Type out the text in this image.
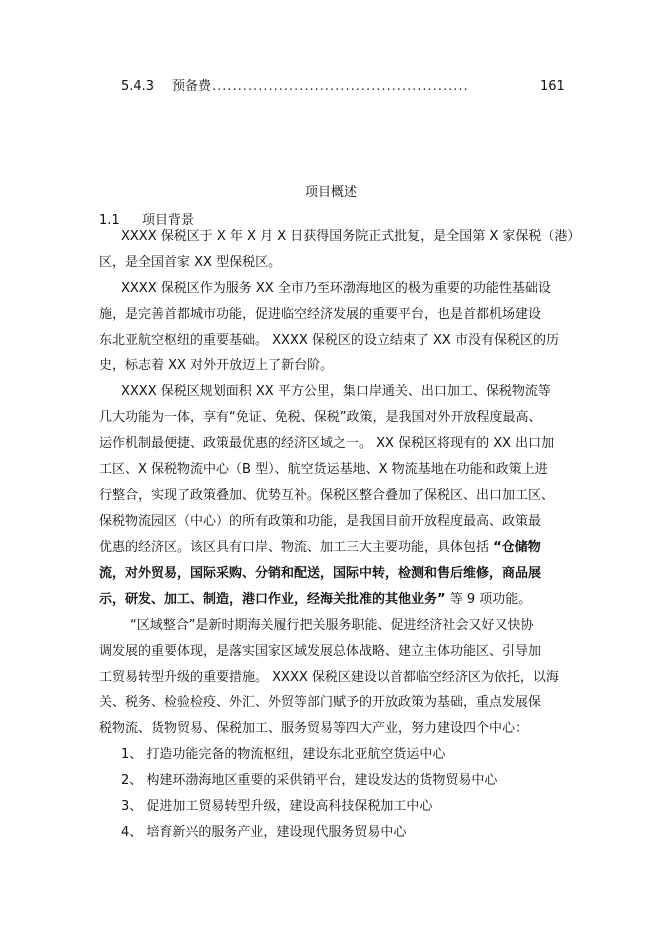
5.4.3 预备费 ..................................................	161
项目概述
1.1 项目背景
XXXX 保税区于 X 年 X 月 X 日获得国务院正式批复，是全国第 X 家保税（港）
区，是全国首家 XX 型保税区。
XXXX 保税区作为服务 XX 全市乃至环渤海地区的极为重要的功能性基础设
施，是完善首都城市功能，促进临空经济发展的重要平台，也是首都机场建设
东北亚航空枢纽的重要基础。 XXXX 保税区的设立结束了 XX 市没有保税区的历
史，标志着 XX 对外开放迈上了新台阶。
XXXX 保税区规划面积 XX 平方公里，集口岸通关、出口加工、保税物流等
几大功能为一体，享有“免证、免税、保税”政策，是我国对外开放程度最高、
运作机制最便捷、政策最优惠的经济区域之一。 XX 保税区将现有的 XX 出口加
工区、X 保税物流中心（B 型）、航空货运基地、X 物流基地在功能和政策上进
行整合，实现了政策叠加、优势互补。保税区整合叠加了保税区、出口加工区、
保税物流园区（中心）的所有政策和功能，是我国目前开放程度最高、政策最
优惠的经济区。该区具有口岸、物流、加工三大主要功能，具体包括 “仓储物
流，对外贸易，国际采购、分销和配送，国际中转，检测和售后维修，商品展
示，研发、加工、制造，港口作业，经海关批准的其他业务” 等 9 项功能。
“区域整合”是新时期海关履行把关服务职能、促进经济社会又好又快协
调发展的重要体现，是落实国家区域发展总体战略、建立主体功能区、引导加
工贸易转型升级的重要措施。 XXXX 保税区建设以首都临空经济区为依托，以海
关、税务、检验检疫、外汇、外贸等部门赋予的开放政策为基础，重点发展保
税物流、货物贸易、保税加工、服务贸易等四大产业，努力建设四个中心：
1、 打造功能完备的物流枢纽，建设东北亚航空货运中心
2、 构建环渤海地区重要的采供销平台，建设发达的货物贸易中心
3、 促进加工贸易转型升级，建设高科技保税加工中心
4、 培育新兴的服务产业，建设现代服务贸易中心
